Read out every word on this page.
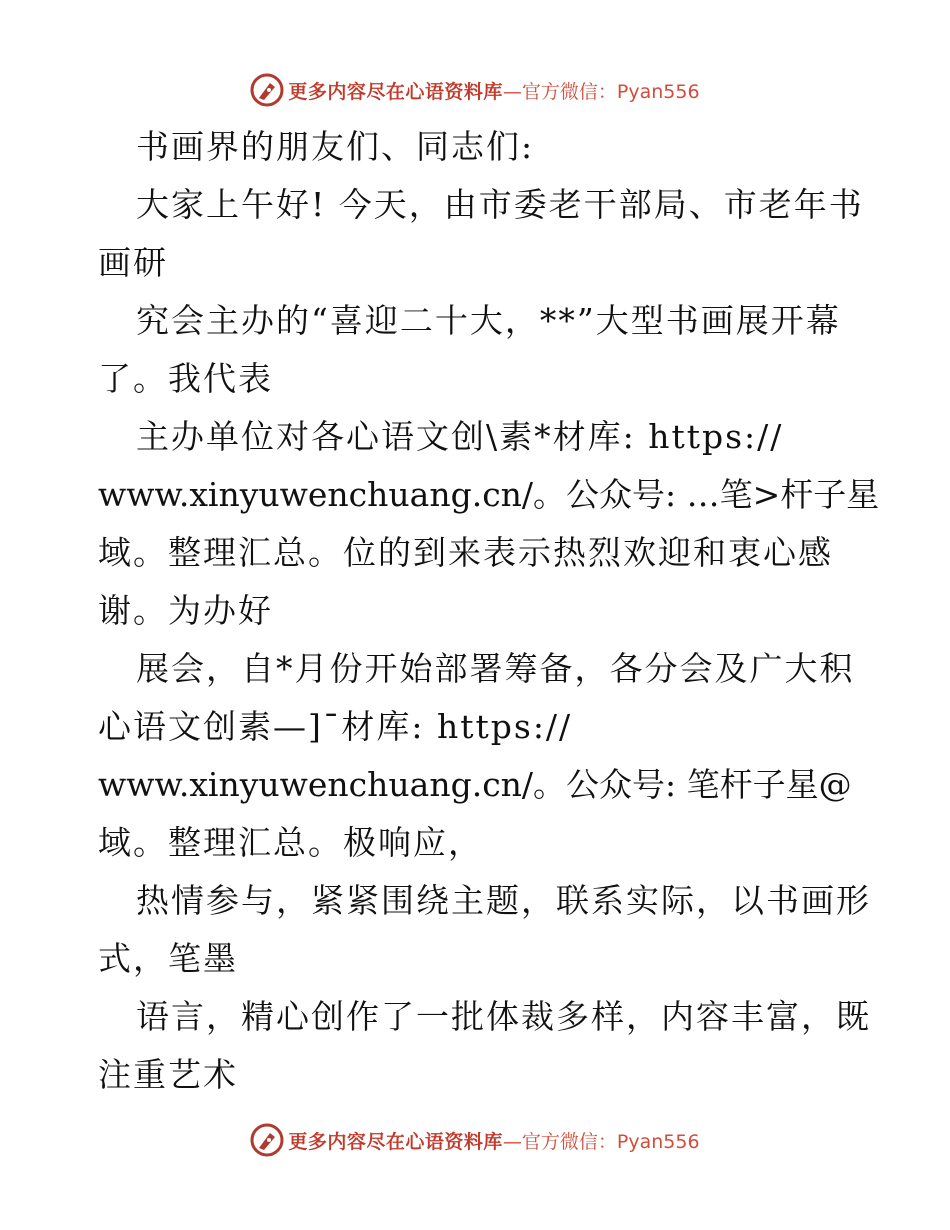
更多内容尽在心语资料库 —官方微信：Pyan556
书画界的朋友们、同志们:
大家上午好! 今天，由市委老干部局、市老年书
画研
究会主办的“喜迎二十大，**”大型书画展开幕
了。我代表
主办单位对各心语文创\素*材库: https://
www.xinyuwenchuang.cn/。公众号: …笔>杆子星
域。整理汇总。位的到来表示热烈欢迎和衷心感
谢。为办好
展会，自*月份开始部署筹备，各分会及广大积
心语文创素—]¯材库: https://
www.xinyuwenchuang.cn/。公众号: 笔杆子星@
域。整理汇总。极响应，
热情参与，紧紧围绕主题，联系实际，以书画形
式，笔墨
语言，精心创作了一批体裁多样，内容丰富，既
注重艺术
更多内容尽在心语资料库 —官方微信：Pyan556
